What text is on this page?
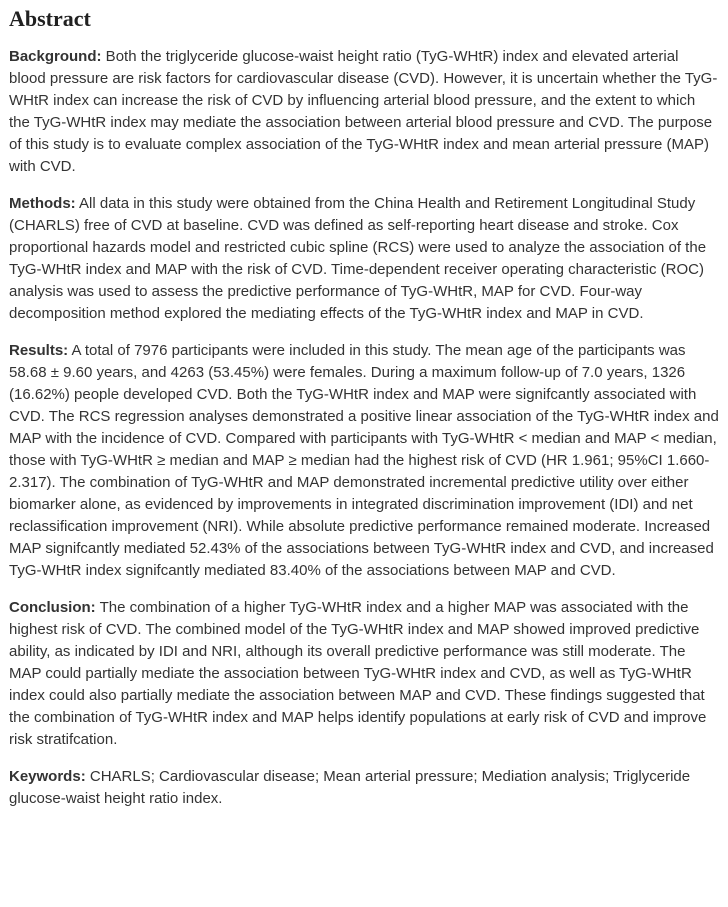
Abstract

Background: Both the triglyceride glucose-waist height ratio (TyG-WHtR) index and elevated arterial blood pressure are risk factors for cardiovascular disease (CVD). However, it is uncertain whether the TyG-WHtR index can increase the risk of CVD by influencing arterial blood pressure, and the extent to which the TyG-WHtR index may mediate the association between arterial blood pressure and CVD. The purpose of this study is to evaluate complex association of the TyG-WHtR index and mean arterial pressure (MAP) with CVD.

Methods: All data in this study were obtained from the China Health and Retirement Longitudinal Study (CHARLS) free of CVD at baseline. CVD was defined as self-reporting heart disease and stroke. Cox proportional hazards model and restricted cubic spline (RCS) were used to analyze the association of the TyG-WHtR index and MAP with the risk of CVD. Time-dependent receiver operating characteristic (ROC) analysis was used to assess the predictive performance of TyG-WHtR, MAP for CVD. Four-way decomposition method explored the mediating effects of the TyG-WHtR index and MAP in CVD.

Results: A total of 7976 participants were included in this study. The mean age of the participants was 58.68 ± 9.60 years, and 4263 (53.45%) were females. During a maximum follow-up of 7.0 years, 1326 (16.62%) people developed CVD. Both the TyG-WHtR index and MAP were signifcantly associated with CVD. The RCS regression analyses demonstrated a positive linear association of the TyG-WHtR index and MAP with the incidence of CVD. Compared with participants with TyG-WHtR < median and MAP < median, those with TyG-WHtR ≥ median and MAP ≥ median had the highest risk of CVD (HR 1.961; 95%CI 1.660-2.317). The combination of TyG-WHtR and MAP demonstrated incremental predictive utility over either biomarker alone, as evidenced by improvements in integrated discrimination improvement (IDI) and net reclassification improvement (NRI). While absolute predictive performance remained moderate. Increased MAP signifcantly mediated 52.43% of the associations between TyG-WHtR index and CVD, and increased TyG-WHtR index signifcantly mediated 83.40% of the associations between MAP and CVD.

Conclusion: The combination of a higher TyG-WHtR index and a higher MAP was associated with the highest risk of CVD. The combined model of the TyG-WHtR index and MAP showed improved predictive ability, as indicated by IDI and NRI, although its overall predictive performance was still moderate. The MAP could partially mediate the association between TyG-WHtR index and CVD, as well as TyG-WHtR index could also partially mediate the association between MAP and CVD. These findings suggested that the combination of TyG-WHtR index and MAP helps identify populations at early risk of CVD and improve risk stratifcation.

Keywords: CHARLS; Cardiovascular disease; Mean arterial pressure; Mediation analysis; Triglyceride glucose-waist height ratio index.
